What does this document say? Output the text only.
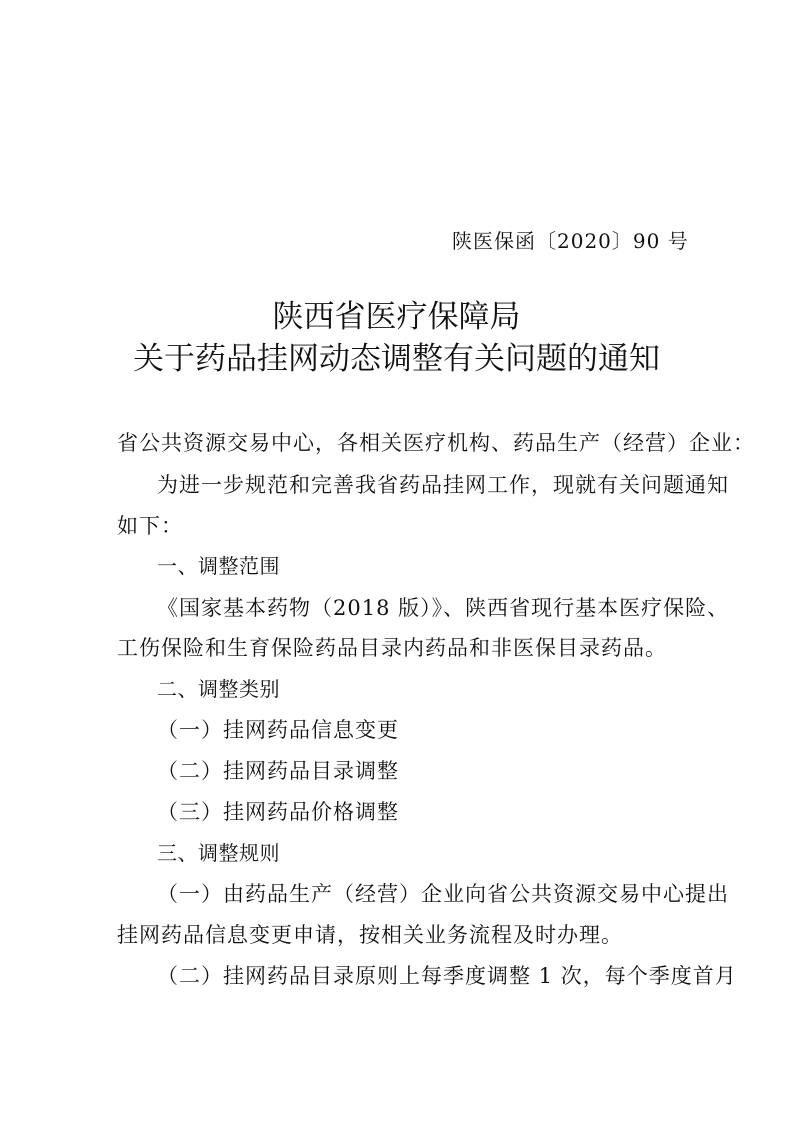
陕医保函〔2020〕90 号
陕西省医疗保障局
关于药品挂网动态调整有关问题的通知
省公共资源交易中心，各相关医疗机构、药品生产（经营）企业：
为进一步规范和完善我省药品挂网工作，现就有关问题通知
如下：
一、调整范围
《国家基本药物（2018 版）》、陕西省现行基本医疗保险、
工伤保险和生育保险药品目录内药品和非医保目录药品。
二、调整类别
（一）挂网药品信息变更
（二）挂网药品目录调整
（三）挂网药品价格调整
三、调整规则
（一）由药品生产（经营）企业向省公共资源交易中心提出
挂网药品信息变更申请，按相关业务流程及时办理。
（二）挂网药品目录原则上每季度调整 1 次，每个季度首月
